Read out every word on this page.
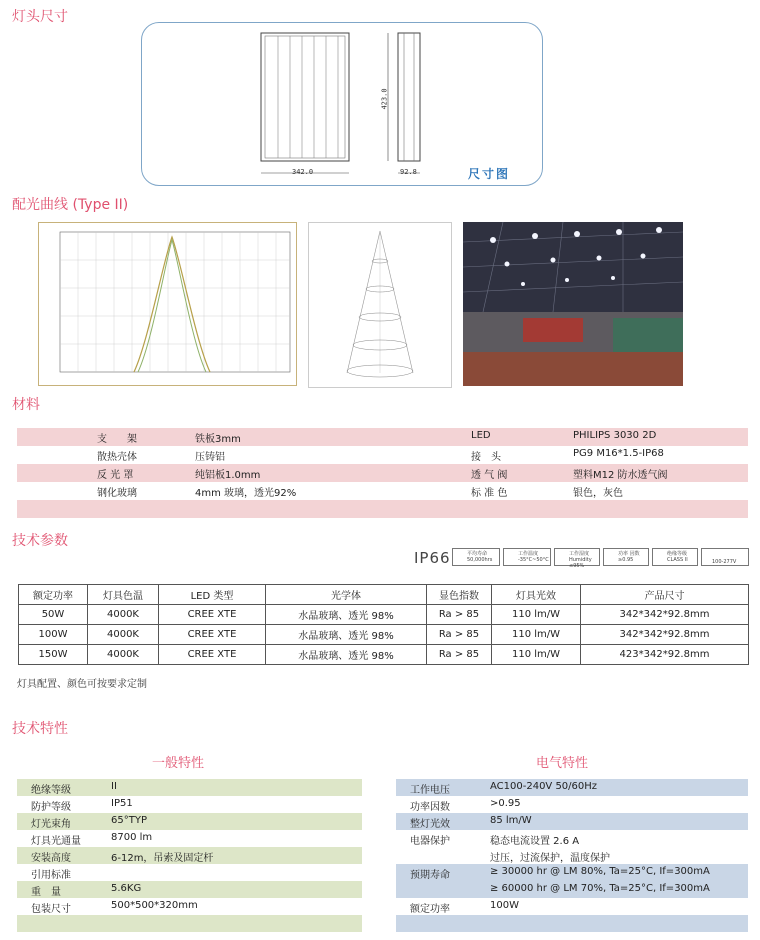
灯头尺寸
342.0
423.0
92.8	尺寸图
配光曲线 (Type II)
材料
支　　架	铁板3mm	LED	PHILIPS 3030 2D
散热壳体	压铸铝	接　头	PG9 M16*1.5-IP68
反 光 罩	纯铝板1.0mm	透 气 阀	塑料M12 防水透气阀
钢化玻璃	4mm 玻璃，透光92%	标 准 色	银色，灰色
技术参数
IP66	平均寿命 50,000hrs
工作温度 -35°C~50°C
工作湿度 Humidity ≤95%
功率 因数 ≥0.95
绝缘等级 CLASS II	100-277V
额定功率	灯具色温	LED 类型	光学体	显色指数	灯具光效	产品尺寸
50W	4000K	CREE XTE	水晶玻璃、透光 98%	Ra > 85	110 lm/W	342*342*92.8mm
100W	4000K	CREE XTE	水晶玻璃、透光 98%	Ra > 85	110 lm/W	342*342*92.8mm
150W	4000K	CREE XTE	水晶玻璃、透光 98%	Ra > 85	110 lm/W	423*342*92.8mm
灯具配置、颜色可按要求定制
技术特性
一般特性	电气特性
绝缘等级	II
防护等级	IP51
灯光束角	65°TYP
灯具光通量	8700 lm
安装高度	6-12m，吊索及固定杆
引用标准
重　量	5.6KG
包装尺寸	500*500*320mm
工作电压	AC100-240V 50/60Hz
功率因数	>0.95
整灯光效	85 lm/W
电器保护	稳态电流设置 2.6 A
过压，过流保护，温度保护
预期寿命	≥ 30000 hr @ LM 80%, Ta=25°C, If=300mA
≥ 60000 hr @ LM 70%, Ta=25°C, If=300mA
额定功率	100W
